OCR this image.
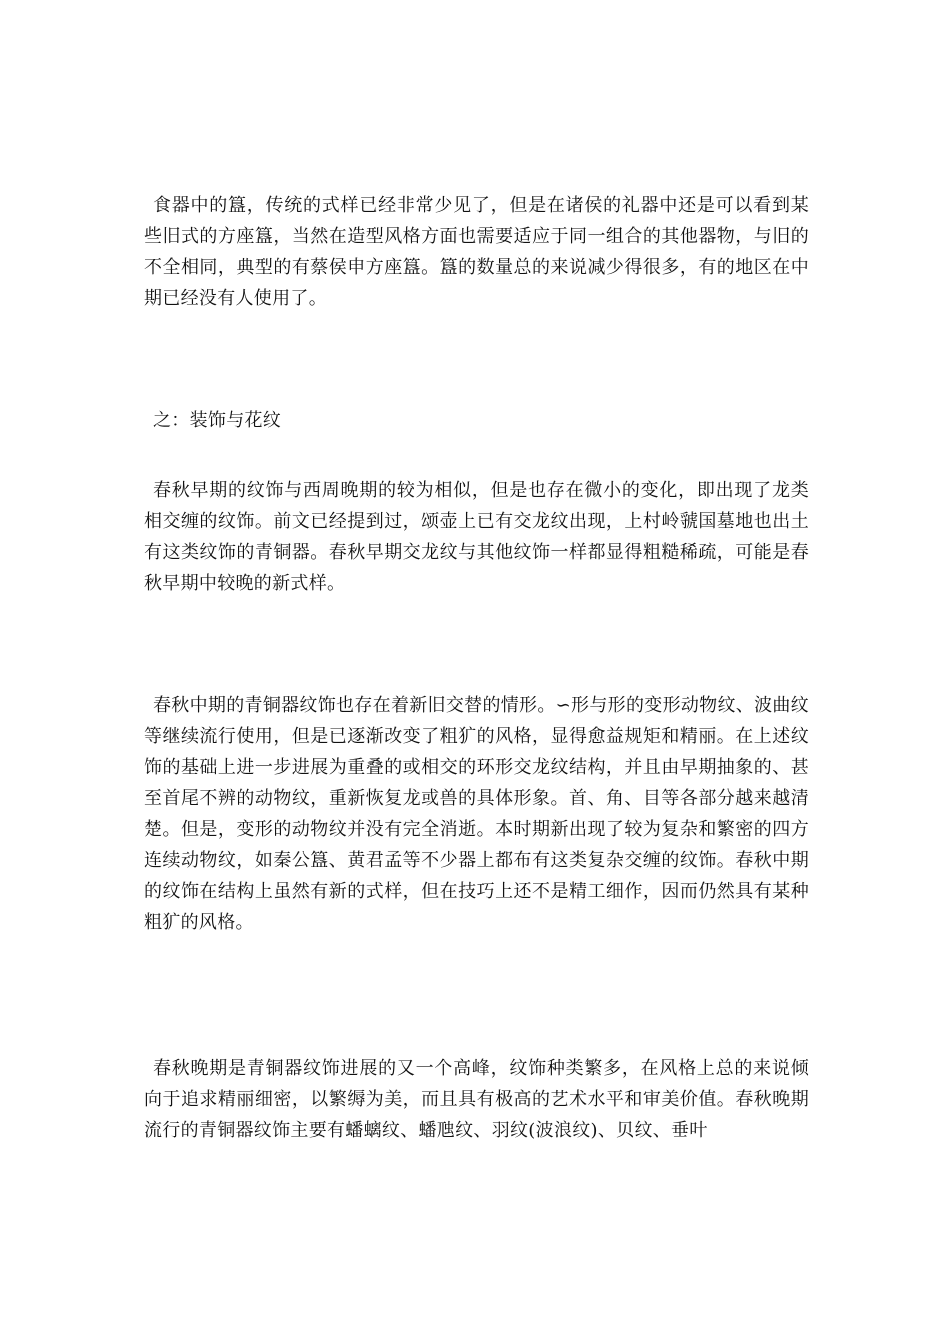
食器中的簋，传统的式样已经非常少见了，但是在诸侯的礼器中还是可以看到某些旧式的方座簋，当然在造型风格方面也需要适应于同一组合的其他器物，与旧的不全相同，典型的有蔡侯申方座簋。簋的数量总的来说减少得很多，有的地区在中期已经没有人使用了。

之：装饰与花纹

春秋早期的纹饰与西周晚期的较为相似，但是也存在微小的变化，即出现了龙类相交缠的纹饰。前文已经提到过，颂壶上已有交龙纹出现，上村岭虢国墓地也出土有这类纹饰的青铜器。春秋早期交龙纹与其他纹饰一样都显得粗糙稀疏，可能是春秋早期中较晚的新式样。

春秋中期的青铜器纹饰也存在着新旧交替的情形。∽形与形的变形动物纹、波曲纹等继续流行使用，但是已逐渐改变了粗犷的风格，显得愈益规矩和精丽。在上述纹饰的基础上进一步进展为重叠的或相交的环形交龙纹结构，并且由早期抽象的、甚至首尾不辨的动物纹，重新恢复龙或兽的具体形象。首、角、目等各部分越来越清楚。但是，变形的动物纹并没有完全消逝。本时期新出现了较为复杂和繁密的四方连续动物纹，如秦公簋、黄君孟等不少器上都布有这类复杂交缠的纹饰。春秋中期的纹饰在结构上虽然有新的式样，但在技巧上还不是精工细作，因而仍然具有某种粗犷的风格。

春秋晚期是青铜器纹饰进展的又一个高峰，纹饰种类繁多，在风格上总的来说倾向于追求精丽细密，以繁缛为美，而且具有极高的艺术水平和审美价值。春秋晚期流行的青铜器纹饰主要有蟠螭纹、蟠虺纹、羽纹(波浪纹)、贝纹、垂叶
